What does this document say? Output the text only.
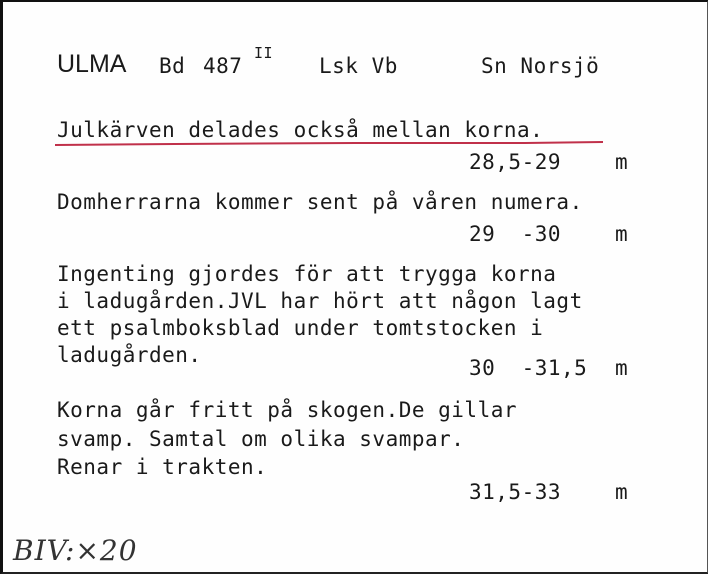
ULMA Bd 487
II
Lsk Vb	Sn Norsjö
Julkärven delades också mellan korna.
28,5-29	m
Domherrarna kommer sent på våren numera.
29  -30	m
Ingenting gjordes för att trygga korna
i ladugården.JVL har hört att någon lagt
ett psalmboksblad under tomtstocken i
ladugården.
30  -31,5 m
Korna går fritt på skogen.De gillar
svamp. Samtal om olika svampar.
Renar i trakten.
31,5-33	m
BIV:×20
